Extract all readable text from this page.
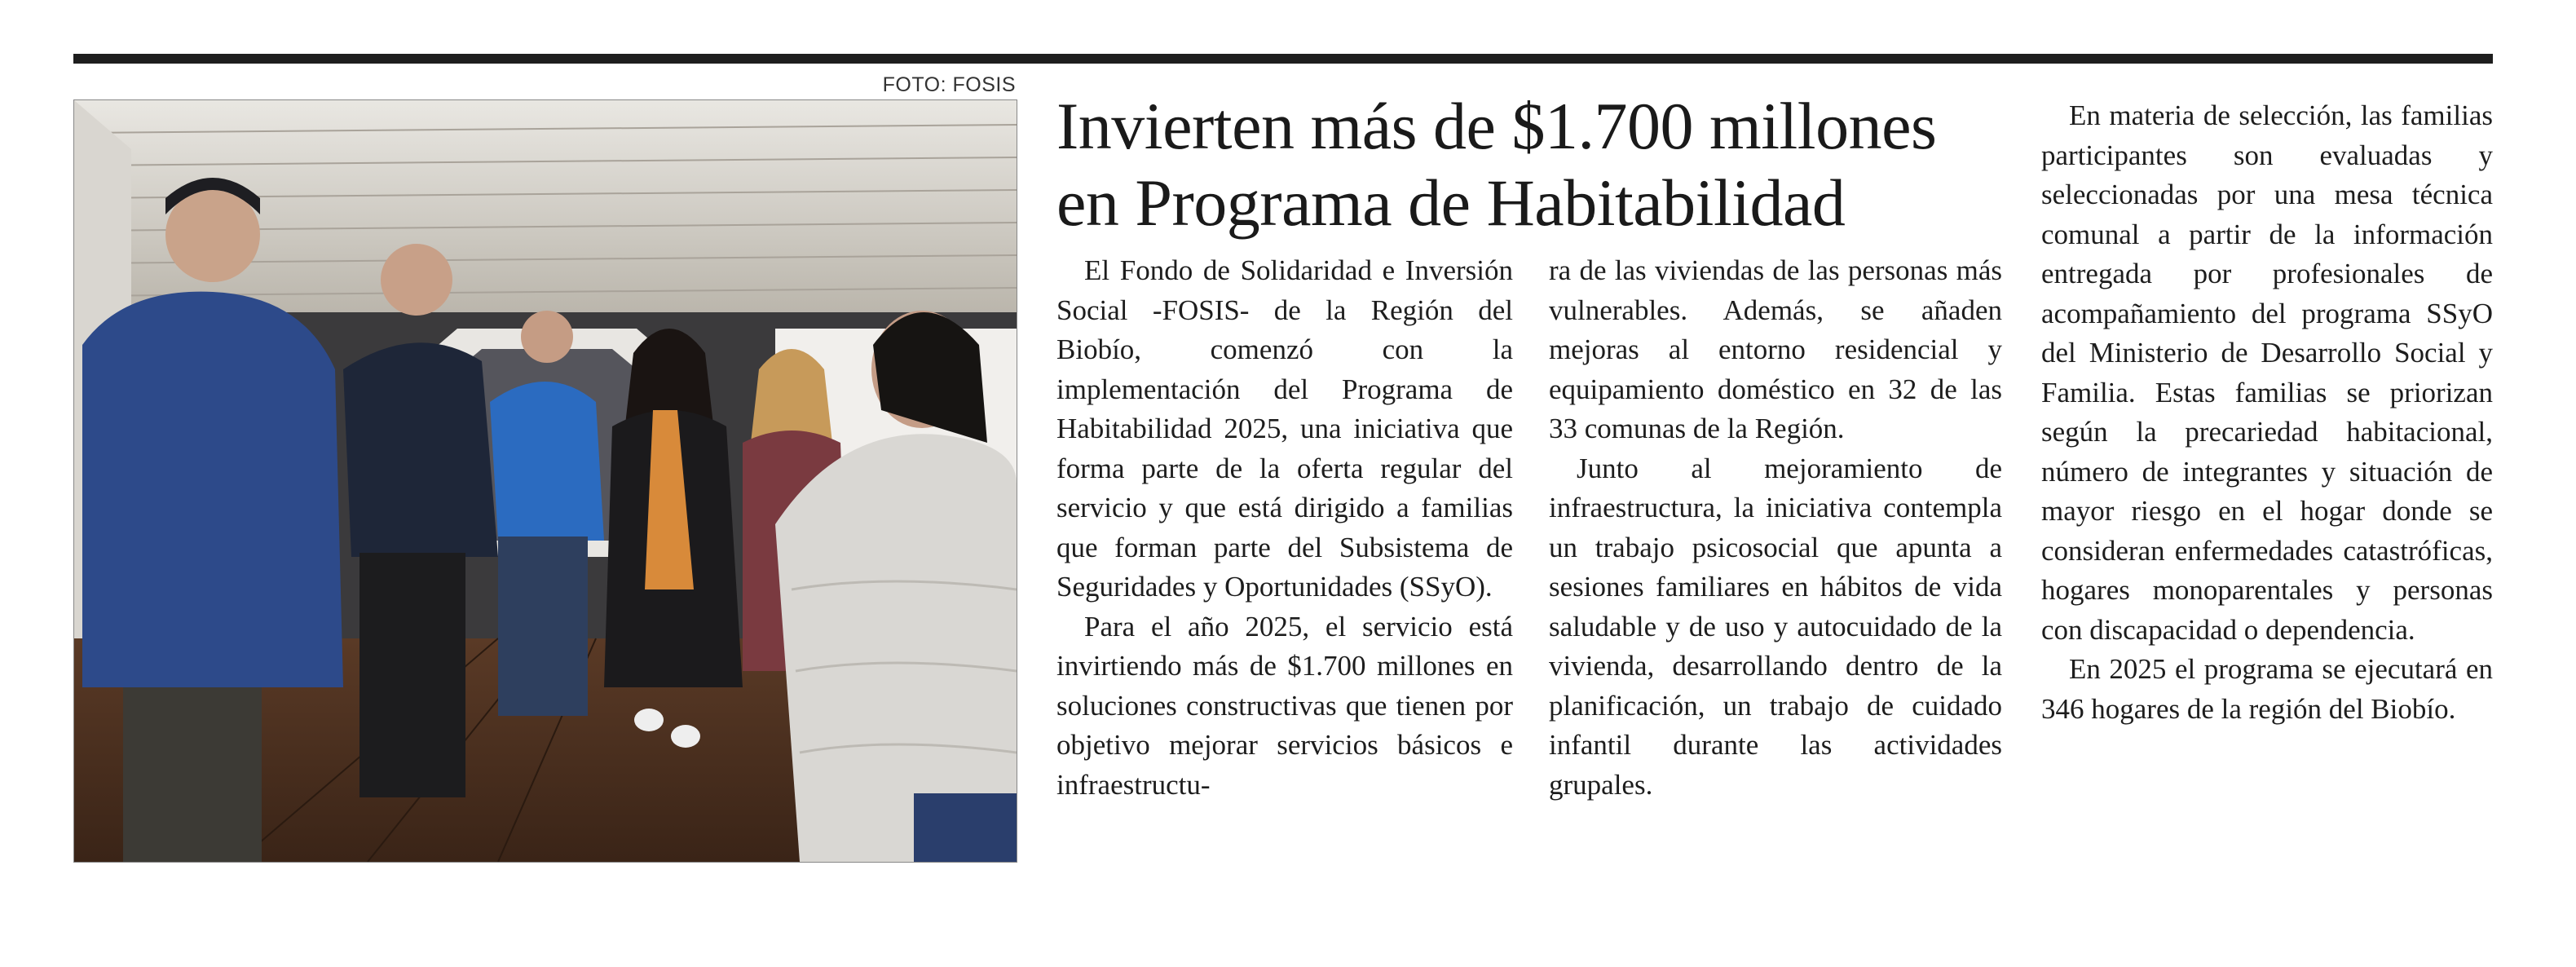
FOTO: FOSIS
Invierten más de $1.700 millones en Programa de Habitabilidad

El Fondo de Solidaridad e Inversión Social -FOSIS- de la Región del Biobío, comenzó con la implementación del Programa de Habitabilidad 2025, una iniciativa que forma parte de la oferta regular del servicio y que está dirigido a familias que forman parte del Subsistema de Seguridades y Oportunidades (SSyO).

Para el año 2025, el servicio está invirtiendo más de $1.700 millones en soluciones constructivas que tienen por objetivo mejorar servicios básicos e infraestructu-

ra de las viviendas de las personas más vulnerables. Además, se añaden mejoras al entorno residencial y equipamiento doméstico en 32 de las 33 comunas de la Región.

Junto al mejoramiento de infraestructura, la iniciativa contempla un trabajo psicosocial que apunta a sesiones familiares en hábitos de vida saludable y de uso y autocuidado de la vivienda, desarrollando dentro de la planificación, un trabajo de cuidado infantil durante las actividades grupales.

En materia de selección, las familias participantes son evaluadas y seleccionadas por una mesa técnica comunal a partir de la información entregada por profesionales de acompañamiento del programa SSyO del Ministerio de Desarrollo Social y Familia. Estas familias se priorizan según la precariedad habitacional, número de integrantes y situación de mayor riesgo en el hogar donde se consideran enfermedades catastróficas, hogares monoparentales y personas con discapacidad o dependencia.

En 2025 el programa se ejecutará en 346 hogares de la región del Biobío.
